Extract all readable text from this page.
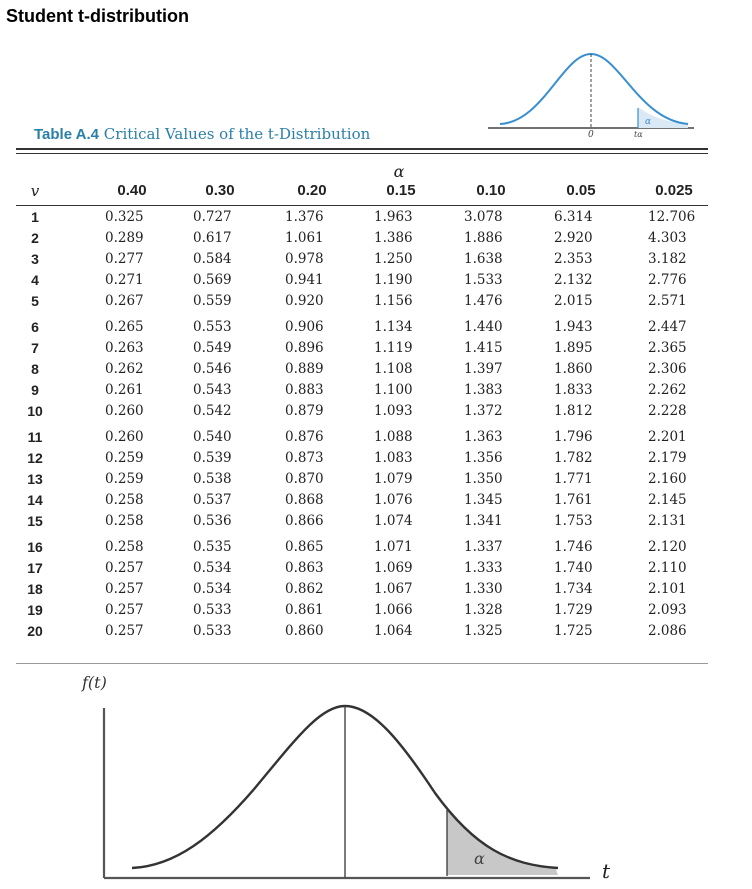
Student t-distribution
0
α
tα
Table A.4 Critical Values of the t-Distribution
α
v	0.40	0.30	0.20	0.15	0.10	0.05	0.025
1	0.325	0.727	1.376	1.963	3.078	6.314	12.706
2	0.289	0.617	1.061	1.386	1.886	2.920	4.303
3	0.277	0.584	0.978	1.250	1.638	2.353	3.182
4	0.271	0.569	0.941	1.190	1.533	2.132	2.776
5	0.267	0.559	0.920	1.156	1.476	2.015	2.571
6	0.265	0.553	0.906	1.134	1.440	1.943	2.447
7	0.263	0.549	0.896	1.119	1.415	1.895	2.365
8	0.262	0.546	0.889	1.108	1.397	1.860	2.306
9	0.261	0.543	0.883	1.100	1.383	1.833	2.262
10	0.260	0.542	0.879	1.093	1.372	1.812	2.228
11	0.260	0.540	0.876	1.088	1.363	1.796	2.201
12	0.259	0.539	0.873	1.083	1.356	1.782	2.179
13	0.259	0.538	0.870	1.079	1.350	1.771	2.160
14	0.258	0.537	0.868	1.076	1.345	1.761	2.145
15	0.258	0.536	0.866	1.074	1.341	1.753	2.131
16	0.258	0.535	0.865	1.071	1.337	1.746	2.120
17	0.257	0.534	0.863	1.069	1.333	1.740	2.110
18	0.257	0.534	0.862	1.067	1.330	1.734	2.101
19	0.257	0.533	0.861	1.066	1.328	1.729	2.093
20	0.257	0.533	0.860	1.064	1.325	1.725	2.086
f(t)
α
t
